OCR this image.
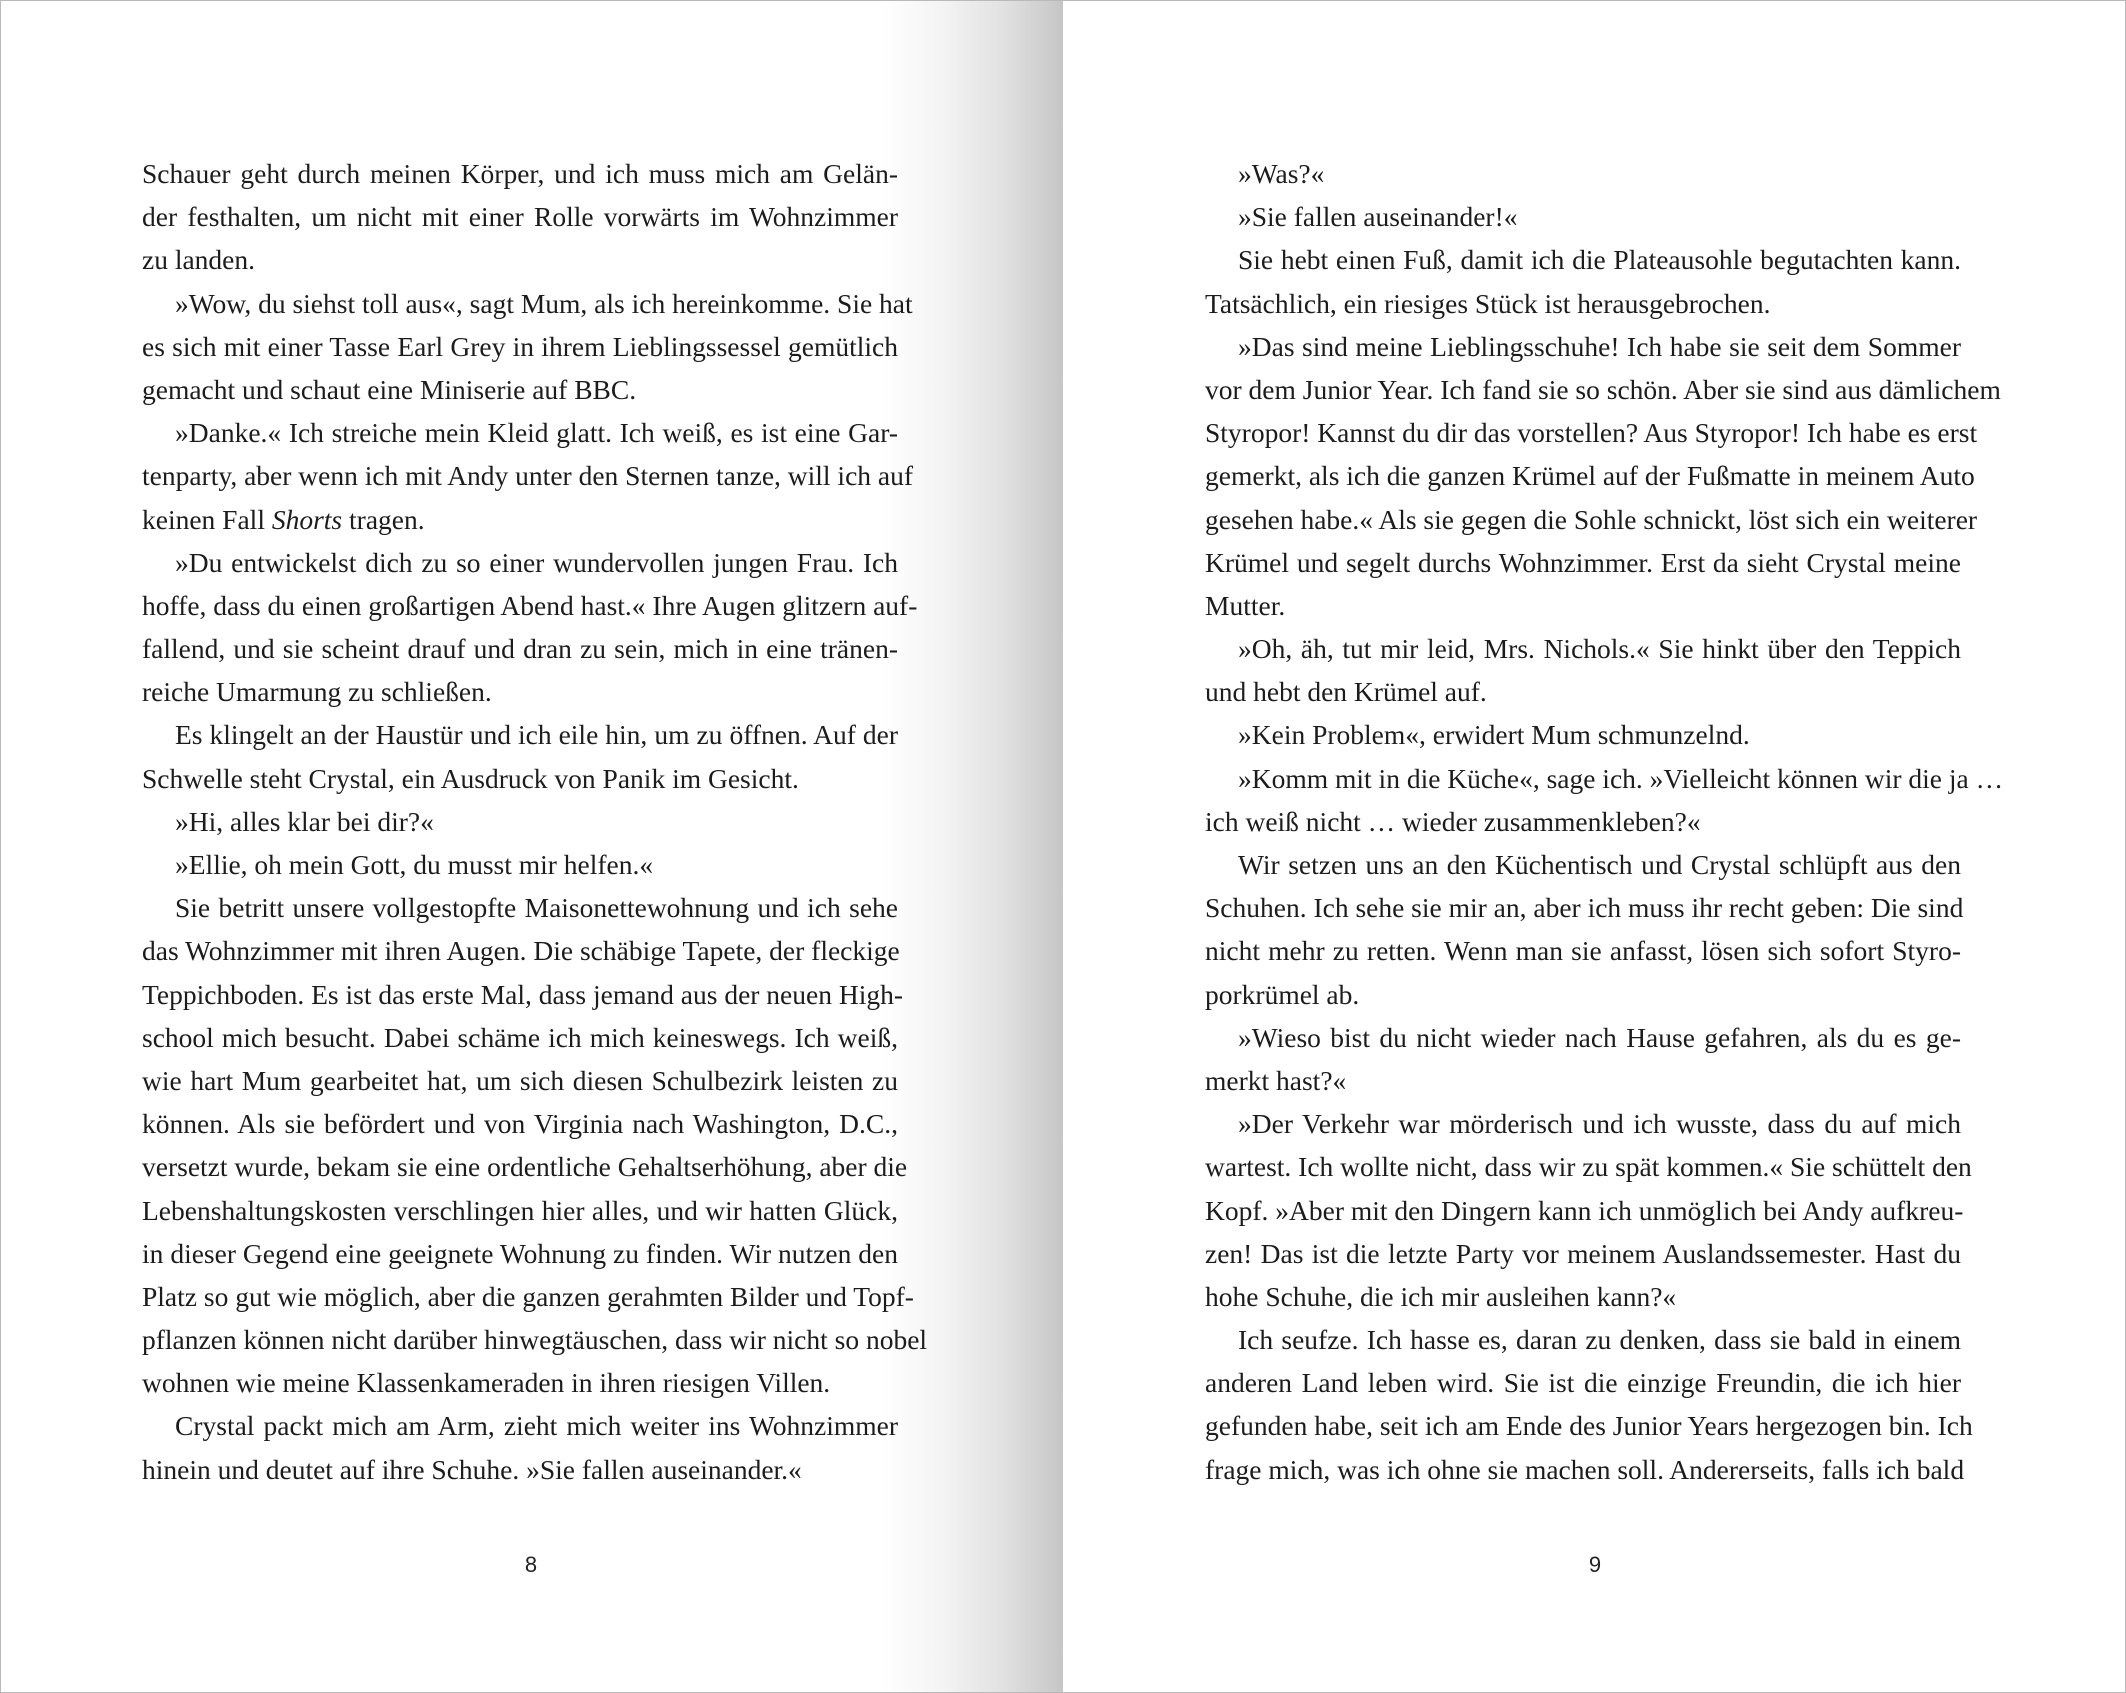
Schauer geht durch meinen Körper, und ich muss mich am Gelän-
der festhalten, um nicht mit einer Rolle vorwärts im Wohnzimmer
zu landen.
»Wow, du siehst toll aus«, sagt Mum, als ich hereinkomme. Sie hat
es sich mit einer Tasse Earl Grey in ihrem Lieblingssessel gemütlich
gemacht und schaut eine Miniserie auf BBC.
»Danke.« Ich streiche mein Kleid glatt. Ich weiß, es ist eine Gar-
tenparty, aber wenn ich mit Andy unter den Sternen tanze, will ich auf
keinen Fall Shorts tragen.
»Du entwickelst dich zu so einer wundervollen jungen Frau. Ich
hoffe, dass du einen großartigen Abend hast.« Ihre Augen glitzern auf-
fallend, und sie scheint drauf und dran zu sein, mich in eine tränen-
reiche Umarmung zu schließen.
Es klingelt an der Haustür und ich eile hin, um zu öffnen. Auf der
Schwelle steht Crystal, ein Ausdruck von Panik im Gesicht.
»Hi, alles klar bei dir?«
»Ellie, oh mein Gott, du musst mir helfen.«
Sie betritt unsere vollgestopfte Maisonettewohnung und ich sehe
das Wohnzimmer mit ihren Augen. Die schäbige Tapete, der fleckige
Teppichboden. Es ist das erste Mal, dass jemand aus der neuen High-
school mich besucht. Dabei schäme ich mich keineswegs. Ich weiß,
wie hart Mum gearbeitet hat, um sich diesen Schulbezirk leisten zu
können. Als sie befördert und von Virginia nach Washington, D.C.,
versetzt wurde, bekam sie eine ordentliche Gehaltserhöhung, aber die
Lebenshaltungskosten verschlingen hier alles, und wir hatten Glück,
in dieser Gegend eine geeignete Wohnung zu finden. Wir nutzen den
Platz so gut wie möglich, aber die ganzen gerahmten Bilder und Topf-
pflanzen können nicht darüber hinwegtäuschen, dass wir nicht so nobel
wohnen wie meine Klassenkameraden in ihren riesigen Villen.
Crystal packt mich am Arm, zieht mich weiter ins Wohnzimmer
hinein und deutet auf ihre Schuhe. »Sie fallen auseinander.«
8
»Was?«
»Sie fallen auseinander!«
Sie hebt einen Fuß, damit ich die Plateausohle begutachten kann.
Tatsächlich, ein riesiges Stück ist herausgebrochen.
»Das sind meine Lieblingsschuhe! Ich habe sie seit dem Sommer
vor dem Junior Year. Ich fand sie so schön. Aber sie sind aus dämlichem
Styropor! Kannst du dir das vorstellen? Aus Styropor! Ich habe es erst
gemerkt, als ich die ganzen Krümel auf der Fußmatte in meinem Auto
gesehen habe.« Als sie gegen die Sohle schnickt, löst sich ein weiterer
Krümel und segelt durchs Wohnzimmer. Erst da sieht Crystal meine
Mutter.
»Oh, äh, tut mir leid, Mrs. Nichols.« Sie hinkt über den Teppich
und hebt den Krümel auf.
»Kein Problem«, erwidert Mum schmunzelnd.
»Komm mit in die Küche«, sage ich. »Vielleicht können wir die ja …
ich weiß nicht … wieder zusammenkleben?«
Wir setzen uns an den Küchentisch und Crystal schlüpft aus den
Schuhen. Ich sehe sie mir an, aber ich muss ihr recht geben: Die sind
nicht mehr zu retten. Wenn man sie anfasst, lösen sich sofort Styro-
porkrümel ab.
»Wieso bist du nicht wieder nach Hause gefahren, als du es ge-
merkt hast?«
»Der Verkehr war mörderisch und ich wusste, dass du auf mich
wartest. Ich wollte nicht, dass wir zu spät kommen.« Sie schüttelt den
Kopf. »Aber mit den Dingern kann ich unmöglich bei Andy aufkreu-
zen! Das ist die letzte Party vor meinem Auslandssemester. Hast du
hohe Schuhe, die ich mir ausleihen kann?«
Ich seufze. Ich hasse es, daran zu denken, dass sie bald in einem
anderen Land leben wird. Sie ist die einzige Freundin, die ich hier
gefunden habe, seit ich am Ende des Junior Years hergezogen bin. Ich
frage mich, was ich ohne sie machen soll. Andererseits, falls ich bald
9
